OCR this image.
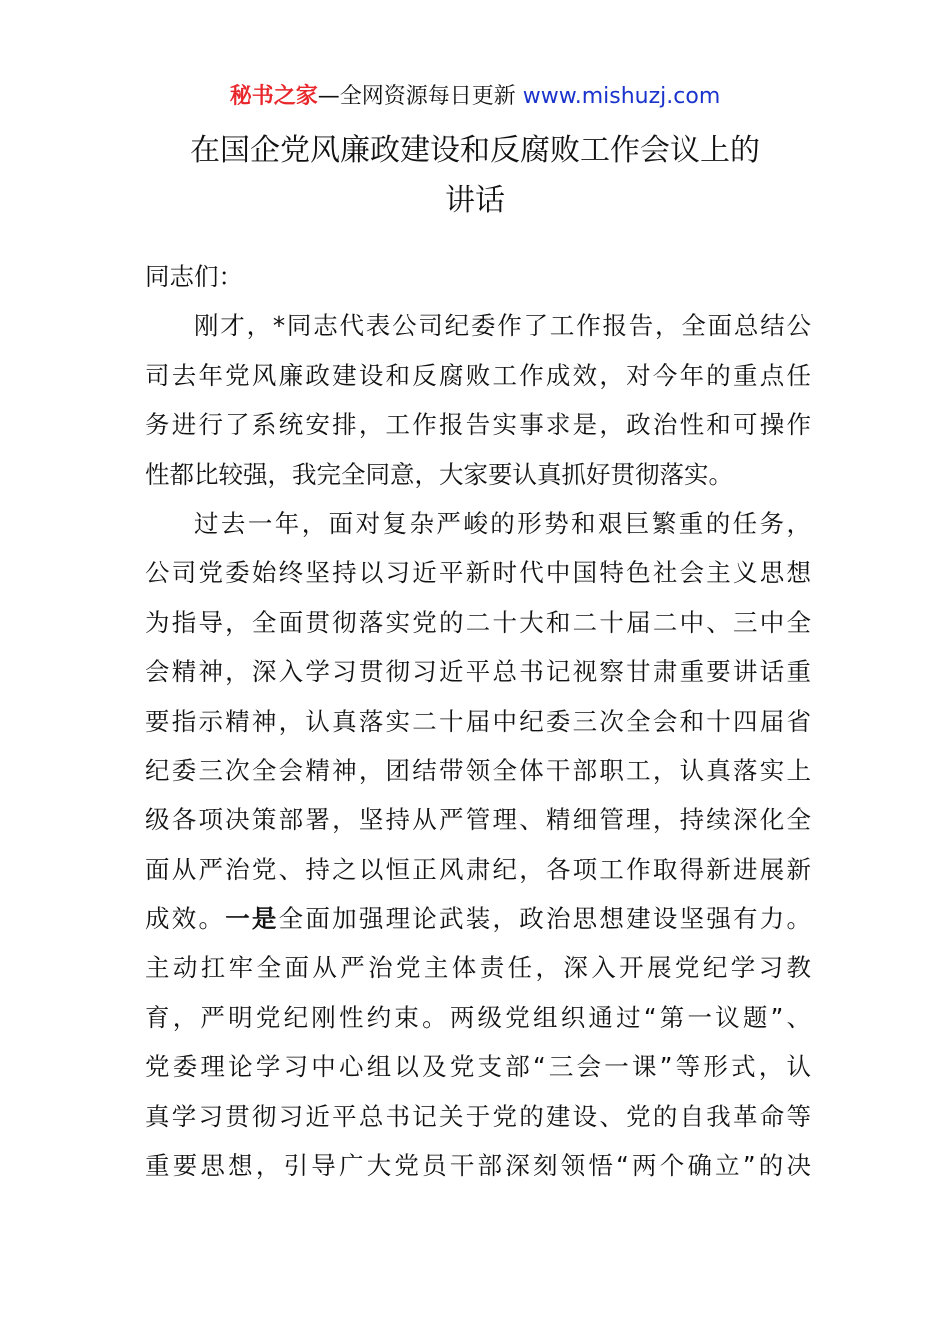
秘书之家—全网资源每日更新 www.mishuzj.com
在国企党风廉政建设和反腐败工作会议上的
讲话
同志们：
刚才，*同志代表公司纪委作了工作报告，全面总结公
司去年党风廉政建设和反腐败工作成效，对今年的重点任
务进行了系统安排，工作报告实事求是，政治性和可操作
性都比较强，我完全同意，大家要认真抓好贯彻落实。
过去一年，面对复杂严峻的形势和艰巨繁重的任务，
公司党委始终坚持以习近平新时代中国特色社会主义思想
为指导，全面贯彻落实党的二十大和二十届二中、三中全
会精神，深入学习贯彻习近平总书记视察甘肃重要讲话重
要指示精神，认真落实二十届中纪委三次全会和十四届省
纪委三次全会精神，团结带领全体干部职工，认真落实上
级各项决策部署，坚持从严管理、精细管理，持续深化全
面从严治党、持之以恒正风肃纪，各项工作取得新进展新
成效。一是全面加强理论武装，政治思想建设坚强有力。
主动扛牢全面从严治党主体责任，深入开展党纪学习教
育，严明党纪刚性约束。两级党组织通过“第一议题”、
党委理论学习中心组以及党支部“三会一课”等形式，认
真学习贯彻习近平总书记关于党的建设、党的自我革命等
重要思想，引导广大党员干部深刻领悟“两个确立”的决
